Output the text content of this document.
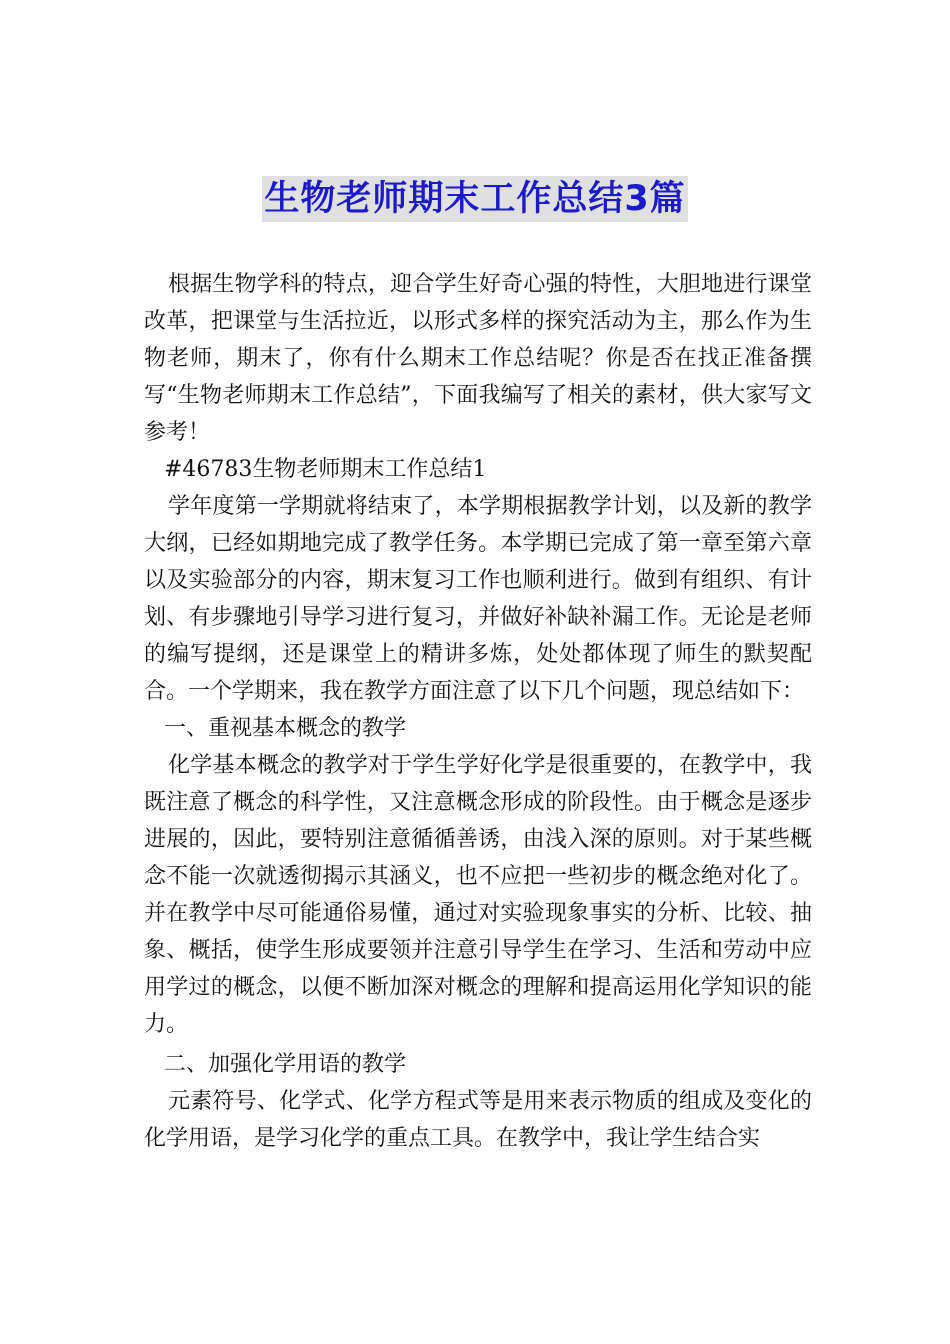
生物老师期末工作总结3篇

根据生物学科的特点，迎合学生好奇心强的特性，大胆地进行课堂改革，把课堂与生活拉近，以形式多样的探究活动为主，那么作为生物老师，期末了，你有什么期末工作总结呢？你是否在找正准备撰写“生物老师期末工作总结”，下面我编写了相关的素材，供大家写文参考！

#46783生物老师期末工作总结1

学年度第一学期就将结束了，本学期根据教学计划，以及新的教学大纲，已经如期地完成了教学任务。本学期已完成了第一章至第六章以及实验部分的内容，期末复习工作也顺利进行。做到有组织、有计划、有步骤地引导学习进行复习，并做好补缺补漏工作。无论是老师的编写提纲，还是课堂上的精讲多炼，处处都体现了师生的默契配合。一个学期来，我在教学方面注意了以下几个问题，现总结如下：

一、重视基本概念的教学

化学基本概念的教学对于学生学好化学是很重要的，在教学中，我既注意了概念的科学性，又注意概念形成的阶段性。由于概念是逐步进展的，因此，要特别注意循循善诱，由浅入深的原则。对于某些概念不能一次就透彻揭示其涵义，也不应把一些初步的概念绝对化了。并在教学中尽可能通俗易懂，通过对实验现象事实的分析、比较、抽象、概括，使学生形成要领并注意引导学生在学习、生活和劳动中应用学过的概念，以便不断加深对概念的理解和提高运用化学知识的能力。

二、加强化学用语的教学

元素符号、化学式、化学方程式等是用来表示物质的组成及变化的化学用语，是学习化学的重点工具。在教学中，我让学生结合实
